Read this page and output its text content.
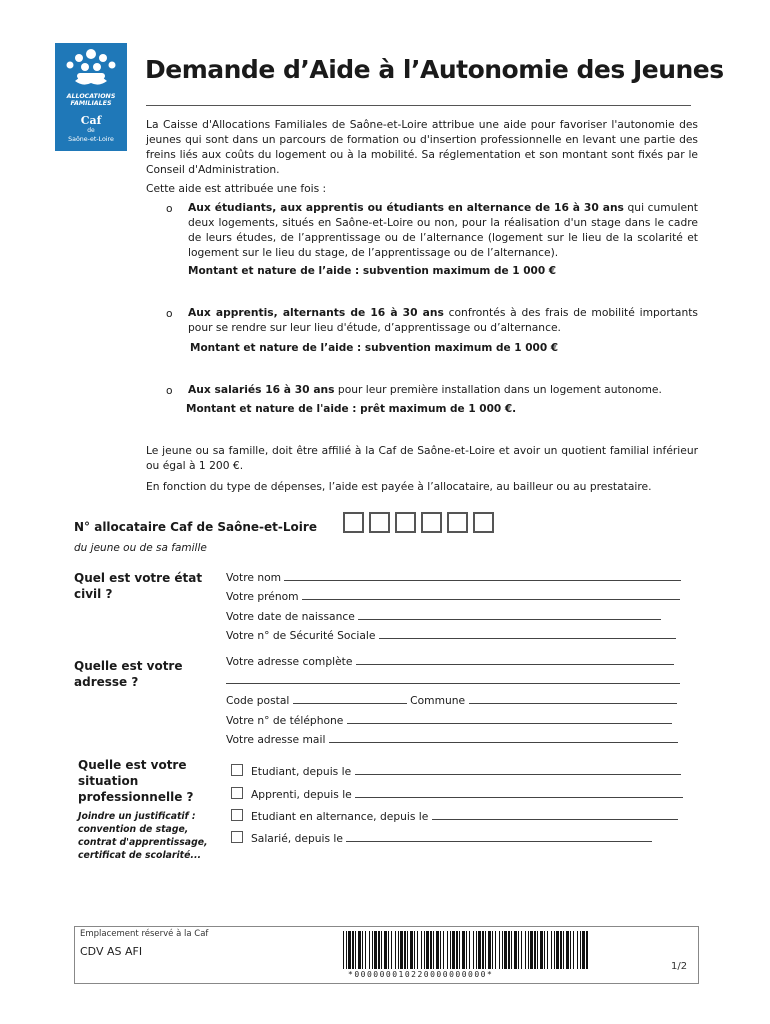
ALLOCATIONS
FAMILIALES
Caf
de
Saône-et-Loire
Demande d’Aide à l’Autonomie des Jeunes
La Caisse d'Allocations Familiales de Saône-et-Loire attribue une aide pour favoriser l'autonomie des jeunes qui sont dans un parcours de formation ou d'insertion professionnelle en levant une partie des freins liés aux coûts du logement ou à la mobilité. Sa réglementation et son montant sont fixés par le Conseil d'Administration.
Cette aide est attribuée une fois :
o Aux étudiants, aux apprentis ou étudiants en alternance de 16 à 30 ans qui cumulent deux logements, situés en Saône-et-Loire ou non, pour la réalisation d'un stage dans le cadre de leurs études, de l’apprentissage ou de l’alternance (logement sur le lieu de la scolarité et logement sur le lieu du stage, de l’apprentissage ou de l’alternance).
Montant et nature de l’aide : subvention maximum de 1 000 €
o Aux apprentis, alternants de 16 à 30 ans confrontés à des frais de mobilité importants pour se rendre sur leur lieu d'étude, d’apprentissage ou d’alternance.
Montant et nature de l’aide : subvention maximum de 1 000 €
o Aux salariés 16 à 30 ans pour leur première installation dans un logement autonome.
Montant et nature de l'aide : prêt maximum de 1 000 €.
Le jeune ou sa famille, doit être affilié à la Caf de Saône-et-Loire et avoir un quotient familial inférieur ou égal à 1 200 €.
En fonction du type de dépenses, l’aide est payée à l’allocataire, au bailleur ou au prestataire.
N° allocataire Caf de Saône-et-Loire
du jeune ou de sa famille
Quel est votre état
civil ?
Votre nom
Votre prénom
Votre date de naissance
Votre n° de Sécurité Sociale
Quelle est votre
adresse ?
Votre adresse complète
Code postal	Commune
Votre n° de téléphone
Votre adresse mail
Quelle est votre
situation
professionnelle ?
Joindre un justificatif :
convention de stage,
contrat d'apprentissage,
certificat de scolarité...
Etudiant, depuis le
Apprenti, depuis le
Etudiant en alternance, depuis le
Salarié, depuis le
Emplacement réservé à la Caf
CDV AS AFI
*000000010220000000000*
1/2
